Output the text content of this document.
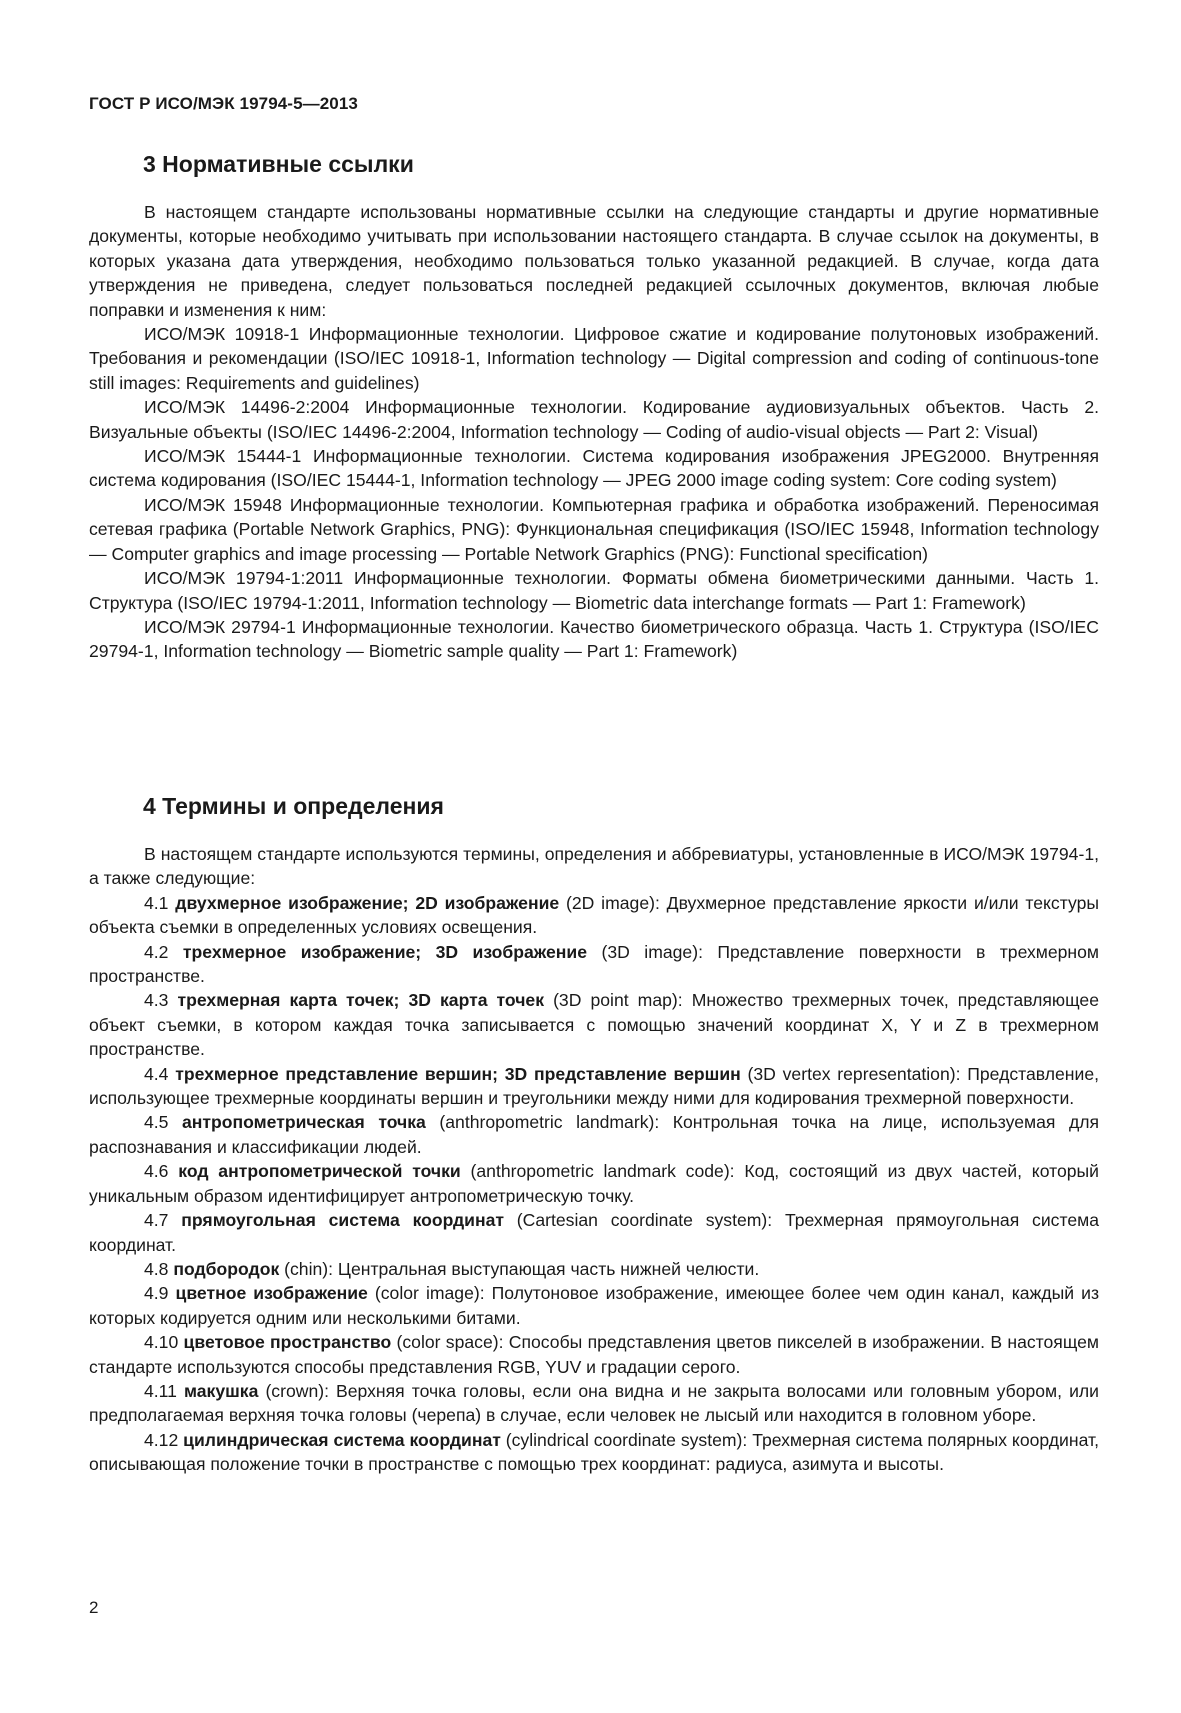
ГОСТ Р ИСО/МЭК 19794-5—2013

3 Нормативные ссылки

В настоящем стандарте использованы нормативные ссылки на следующие стандарты и другие нормативные документы, которые необходимо учитывать при использовании настоящего стандарта. В случае ссылок на документы, в которых указана дата утверждения, необходимо пользоваться только указанной редакцией. В случае, когда дата утверждения не приведена, следует пользоваться последней редакцией ссылочных документов, включая любые поправки и изменения к ним:

ИСО/МЭК 10918-1 Информационные технологии. Цифровое сжатие и кодирование полутоновых изображений. Требования и рекомендации (ISO/IEC 10918-1, Information technology — Digital compression and coding of continuous-tone still images: Requirements and guidelines)

ИСО/МЭК 14496-2:2004 Информационные технологии. Кодирование аудиовизуальных объектов. Часть 2. Визуальные объекты (ISO/IEC 14496-2:2004, Information technology — Coding of audio-visual objects — Part 2: Visual)

ИСО/МЭК 15444-1 Информационные технологии. Система кодирования изображения JPEG2000. Внутренняя система кодирования (ISO/IEC 15444-1, Information technology — JPEG 2000 image coding system: Core coding system)

ИСО/МЭК 15948 Информационные технологии. Компьютерная графика и обработка изображений. Переносимая сетевая графика (Portable Network Graphics, PNG): Функциональная спецификация (ISO/IEC 15948, Information technology — Computer graphics and image processing — Portable Network Graphics (PNG): Functional specification)

ИСО/МЭК 19794-1:2011 Информационные технологии. Форматы обмена биометрическими данными. Часть 1. Структура (ISO/IEC 19794-1:2011, Information technology — Biometric data interchange formats — Part 1: Framework)

ИСО/МЭК 29794-1 Информационные технологии. Качество биометрического образца. Часть 1. Структура (ISO/IEC 29794-1, Information technology — Biometric sample quality — Part 1: Framework)

4 Термины и определения

В настоящем стандарте используются термины, определения и аббревиатуры, установленные в ИСО/МЭК 19794-1, а также следующие:

4.1 двухмерное изображение; 2D изображение (2D image): Двухмерное представление яркости и/или текстуры объекта съемки в определенных условиях освещения.

4.2 трехмерное изображение; 3D изображение (3D image): Представление поверхности в трехмерном пространстве.

4.3 трехмерная карта точек; 3D карта точек (3D point map): Множество трехмерных точек, представляющее объект съемки, в котором каждая точка записывается с помощью значений координат X, Y и Z в трехмерном пространстве.

4.4 трехмерное представление вершин; 3D представление вершин (3D vertex representation): Представление, использующее трехмерные координаты вершин и треугольники между ними для кодирования трехмерной поверхности.

4.5 антропометрическая точка (anthropometric landmark): Контрольная точка на лице, используемая для распознавания и классификации людей.

4.6 код антропометрической точки (anthropometric landmark code): Код, состоящий из двух частей, который уникальным образом идентифицирует антропометрическую точку.

4.7 прямоугольная система координат (Cartesian coordinate system): Трехмерная прямоугольная система координат.

4.8 подбородок (chin): Центральная выступающая часть нижней челюсти.

4.9 цветное изображение (color image): Полутоновое изображение, имеющее более чем один канал, каждый из которых кодируется одним или несколькими битами.

4.10 цветовое пространство (color space): Способы представления цветов пикселей в изображении. В настоящем стандарте используются способы представления RGB, YUV и градации серого.

4.11 макушка (crown): Верхняя точка головы, если она видна и не закрыта волосами или головным убором, или предполагаемая верхняя точка головы (черепа) в случае, если человек не лысый или находится в головном уборе.

4.12 цилиндрическая система координат (cylindrical coordinate system): Трехмерная система полярных координат, описывающая положение точки в пространстве с помощью трех координат: радиуса, азимута и высоты.

2
